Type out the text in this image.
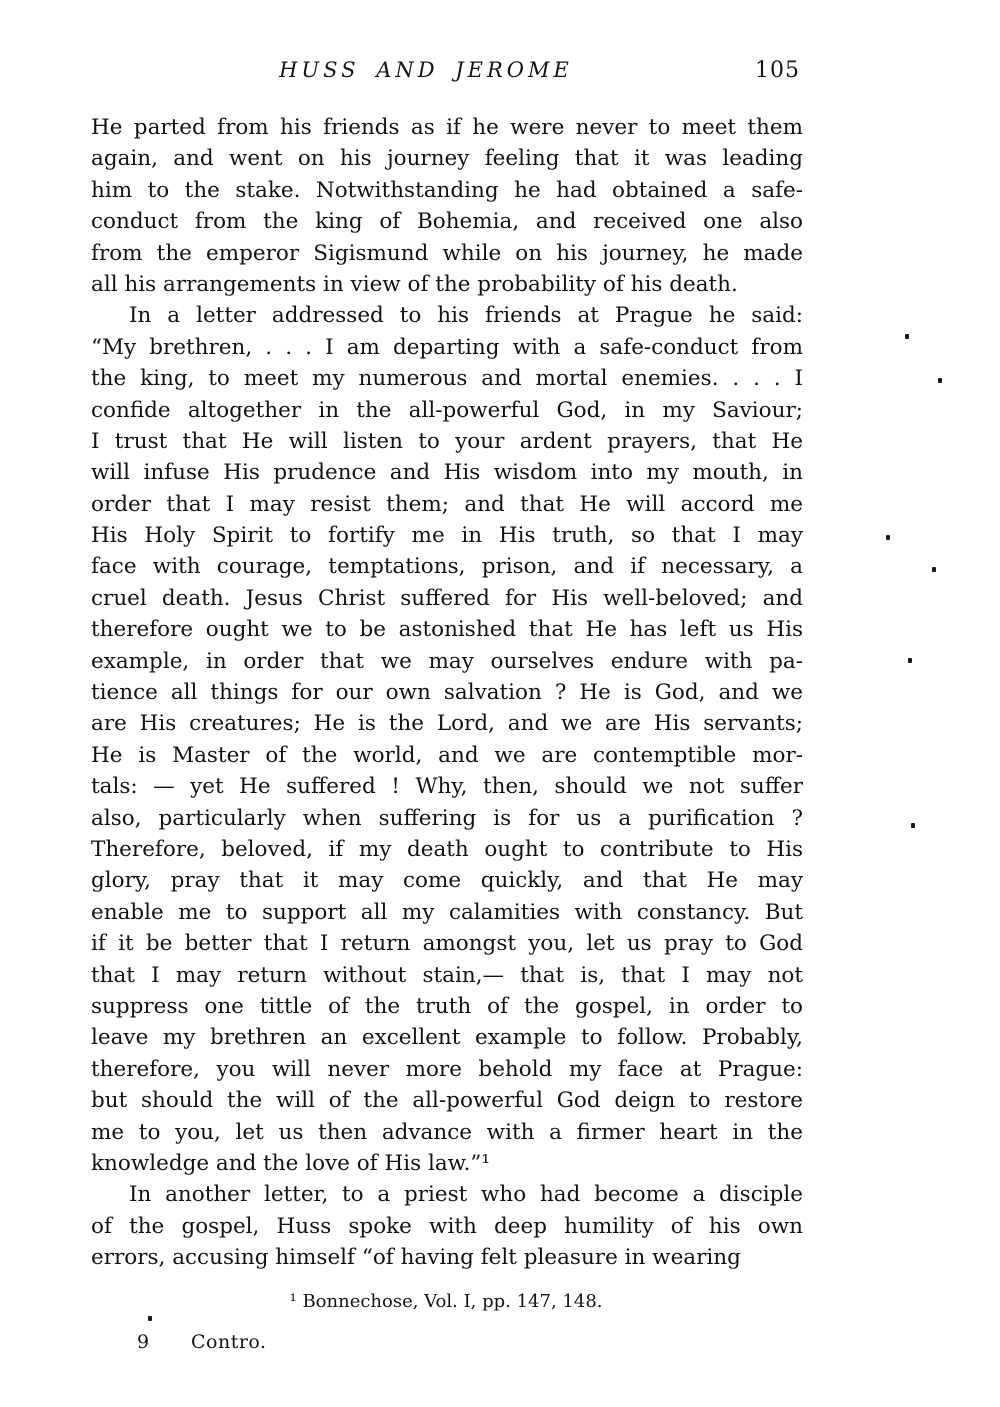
HUSS AND JEROME	105
He parted from his friends as if he were never to meet them
again, and went on his journey feeling that it was leading
him to the stake. Notwithstanding he had obtained a safe-
conduct from the king of Bohemia, and received one also
from the emperor Sigismund while on his journey, he made
all his arrangements in view of the probability of his death.
In a letter addressed to his friends at Prague he said:
“My brethren, . . . I am departing with a safe-conduct from
the king, to meet my numerous and mortal enemies. . . . I
confide altogether in the all-powerful God, in my Saviour;
I trust that He will listen to your ardent prayers, that He
will infuse His prudence and His wisdom into my mouth, in
order that I may resist them; and that He will accord me
His Holy Spirit to fortify me in His truth, so that I may
face with courage, temptations, prison, and if necessary, a
cruel death. Jesus Christ suffered for His well-beloved; and
therefore ought we to be astonished that He has left us His
example, in order that we may ourselves endure with pa-
tience all things for our own salvation ? He is God, and we
are His creatures; He is the Lord, and we are His servants;
He is Master of the world, and we are contemptible mor-
tals: — yet He suffered ! Why, then, should we not suffer
also, particularly when suffering is for us a purification ?
Therefore, beloved, if my death ought to contribute to His
glory, pray that it may come quickly, and that He may
enable me to support all my calamities with constancy. But
if it be better that I return amongst you, let us pray to God
that I may return without stain,— that is, that I may not
suppress one tittle of the truth of the gospel, in order to
leave my brethren an excellent example to follow. Probably,
therefore, you will never more behold my face at Prague:
but should the will of the all-powerful God deign to restore
me to you, let us then advance with a firmer heart in the
knowledge and the love of His law.”¹
In another letter, to a priest who had become a disciple
of the gospel, Huss spoke with deep humility of his own
errors, accusing himself “of having felt pleasure in wearing
¹ Bonnechose, Vol. I, pp. 147, 148.
9 Contro.
